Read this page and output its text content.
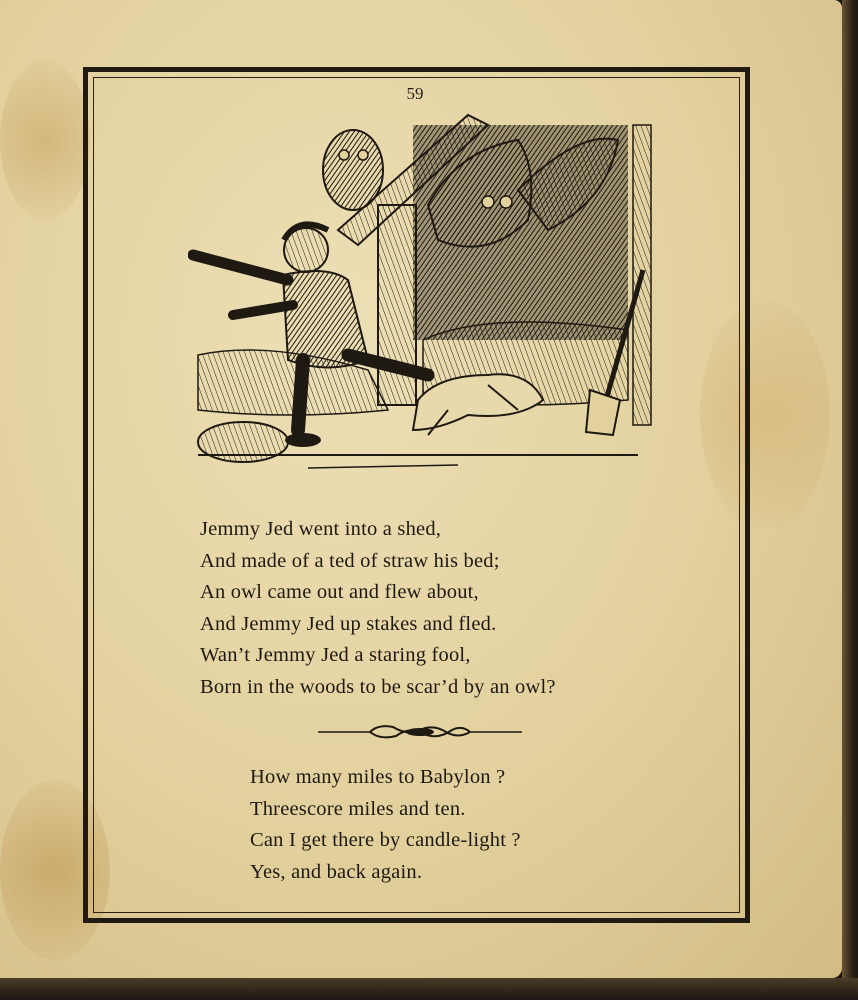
59
Jemmy Jed went into a shed,
And made of a ted of straw his bed;
An owl came out and flew about,
And Jemmy Jed up stakes and fled.
Wan’t Jemmy Jed a staring fool,
Born in the woods to be scar’d by an owl?
How many miles to Babylon ?
Threescore miles and ten.
Can I get there by candle-light ?
Yes, and back again.
